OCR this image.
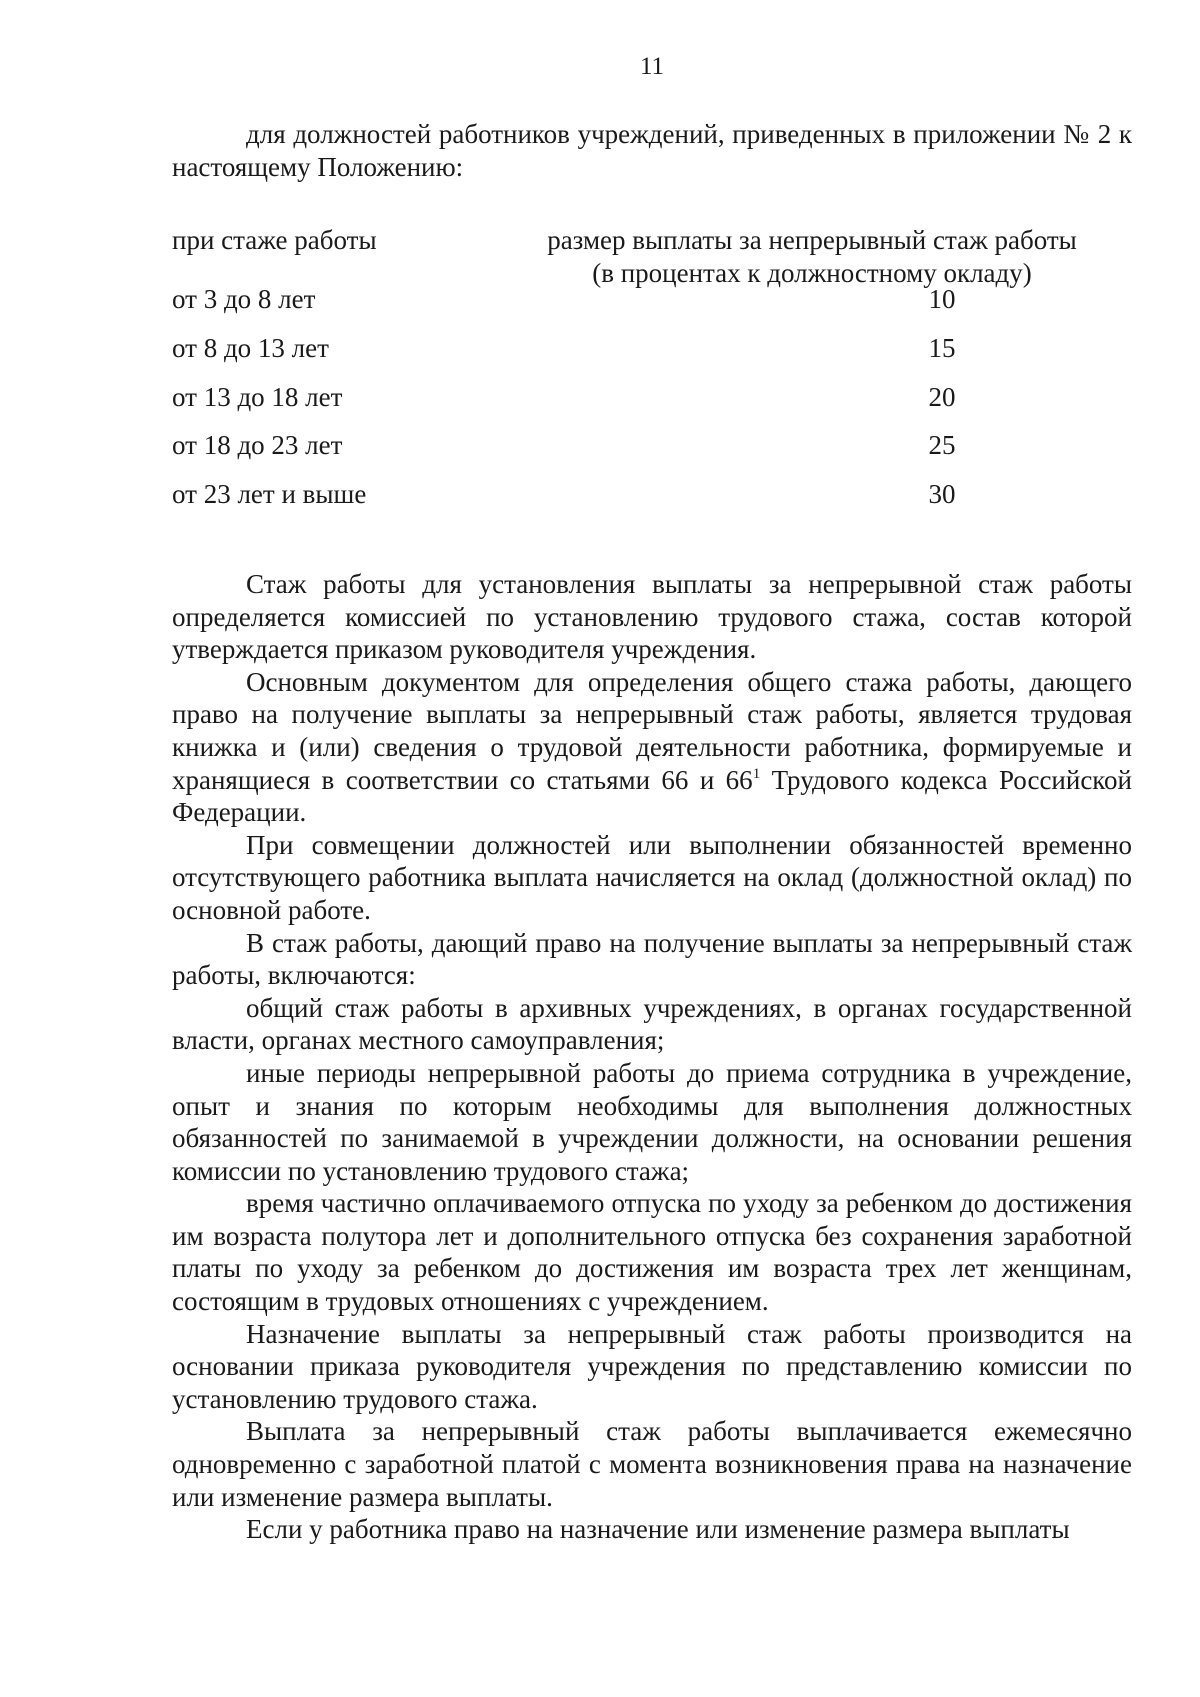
11

для должностей работников учреждений, приведенных в приложении № 2 к настоящему Положению:

при стаже работы	размер выплаты за непрерывный стаж работы
(в процентах к должностному окладу)
от 3 до 8 лет	10
от 8 до 13 лет	15
от 13 до 18 лет	20
от 18 до 23 лет	25
от 23 лет и выше	30

Стаж работы для установления выплаты за непрерывной стаж работы определяется комиссией по установлению трудового стажа, состав которой утверждается приказом руководителя учреждения.

Основным документом для определения общего стажа работы, дающего право на получение выплаты за непрерывный стаж работы, является трудовая книжка и (или) сведения о трудовой деятельности работника, формируемые и хранящиеся в соответствии со статьями 66 и $66^1$ Трудового кодекса Российской Федерации.

При совмещении должностей или выполнении обязанностей временно отсутствующего работника выплата начисляется на оклад (должностной оклад) по основной работе.

В стаж работы, дающий право на получение выплаты за непрерывный стаж работы, включаются:

общий стаж работы в архивных учреждениях, в органах государственной власти, органах местного самоуправления;

иные периоды непрерывной работы до приема сотрудника в учреждение, опыт и знания по которым необходимы для выполнения должностных обязанностей по занимаемой в учреждении должности, на основании решения комиссии по установлению трудового стажа;

время частично оплачиваемого отпуска по уходу за ребенком до достижения им возраста полутора лет и дополнительного отпуска без сохранения заработной платы по уходу за ребенком до достижения им возраста трех лет женщинам, состоящим в трудовых отношениях с учреждением.

Назначение выплаты за непрерывный стаж работы производится на основании приказа руководителя учреждения по представлению комиссии по установлению трудового стажа.

Выплата за непрерывный стаж работы выплачивается ежемесячно одновременно с заработной платой с момента возникновения права на назначение или изменение размера выплаты.

Если у работника право на назначение или изменение размера выплаты
